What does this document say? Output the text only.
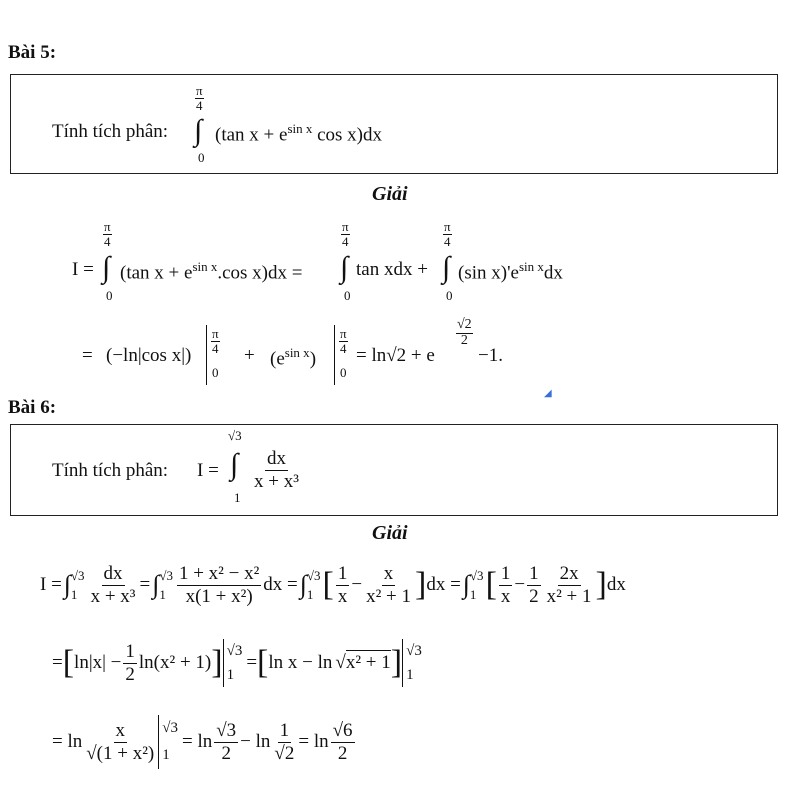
Bài 5:
Tính tích phân:
$\frac{\pi}{4}$
∫
0
(tan $x + e^{sin x}$ cos x)dx
Giải
I =
$\frac{\pi}{4}$
∫
0
(tan $x + e^{sin x}.\cos$ x)dx =
$\frac{\pi}{4}$
∫
0
tan xdx +
$\frac{\pi}{4}$
∫
0
(sin $x)'e^{sin x}dx$
= (−ln|cos x|)
$\frac{\pi}{4}$
0
+ $(e^{sin x})$
$\frac{\pi}{4}$
0
= ln√2 + e
$\frac{√2}{2}$
−1.
◢
Bài 6:
Tính tích phân: I =
√3
∫
1
$\frac{dx}{\text{x + x³}}$
Giải
I = ∫ √3
$1 \frac{dx}{\text{x + x³}}$ = ∫ √3
$1 \frac{\text{1 + x² − x²}}{\text{x(1 + x²)}}$ dx = ∫ √3
1 [ $\frac{1}{x} - \frac{x}{\text{x² + 1}}$ ] dx = ∫ √3
1 [ $\frac{1}{x} - \frac{1}{2} \frac{2x}{\text{x² + 1}}$ ] dx
= [ $\ln|x| - \frac{1}{2} \ln(x^2 + 1)$ ] √3
1
= [ ln x − ln √x² + 1 ] √3
1
= $\ln \frac{x}{\text{√(1 + x²)}} √3$
1
= $\ln \frac{√3}{2} - \ln \frac{1}{√2} = \ln \frac{√6}{2}$
